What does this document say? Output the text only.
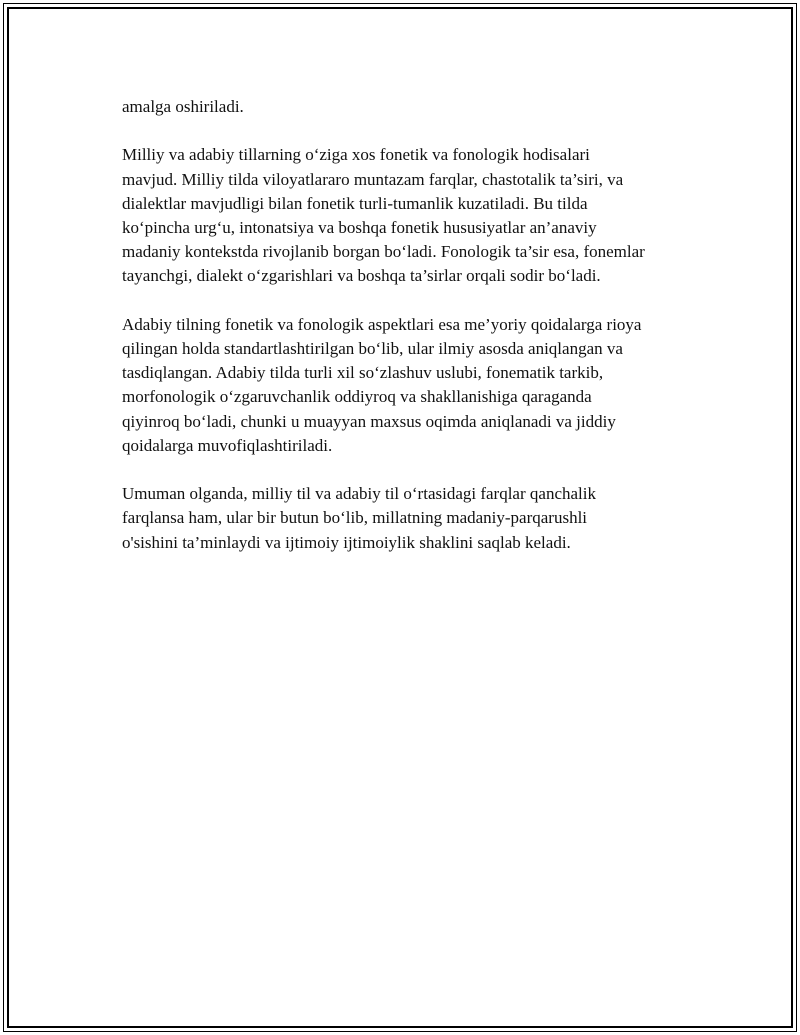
amalga oshiriladi.

Milliy va adabiy tillarning o‘ziga xos fonetik va fonologik hodisalari
mavjud. Milliy tilda viloyatlararo muntazam farqlar, chastotalik ta’siri, va
dialektlar mavjudligi bilan fonetik turli-tumanlik kuzatiladi. Bu tilda
ko‘pincha urg‘u, intonatsiya va boshqa fonetik hususiyatlar an’anaviy
madaniy kontekstda rivojlanib borgan bo‘ladi. Fonologik ta’sir esa, fonemlar
tayanchgi, dialekt o‘zgarishlari va boshqa ta’sirlar orqali sodir bo‘ladi.

Adabiy tilning fonetik va fonologik aspektlari esa me’yoriy qoidalarga rioya
qilingan holda standartlashtirilgan bo‘lib, ular ilmiy asosda aniqlangan va
tasdiqlangan. Adabiy tilda turli xil so‘zlashuv uslubi, fonematik tarkib,
morfonologik o‘zgaruvchanlik oddiyroq va shakllanishiga qaraganda
qiyinroq bo‘ladi, chunki u muayyan maxsus oqimda aniqlanadi va jiddiy
qoidalarga muvofiqlashtiriladi.

Umuman olganda, milliy til va adabiy til o‘rtasidagi farqlar qanchalik
farqlansa ham, ular bir butun bo‘lib, millatning madaniy-parqarushli
o'sishini ta’minlaydi va ijtimoiy ijtimoiylik shaklini saqlab keladi.
